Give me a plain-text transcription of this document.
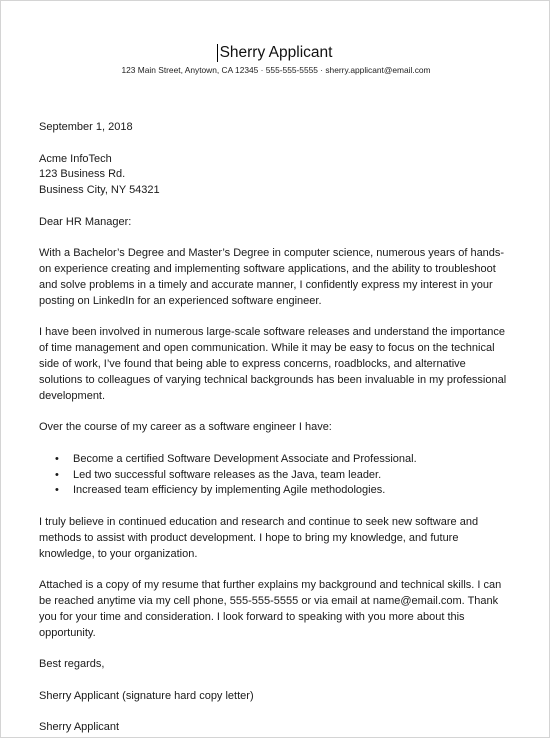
Sherry Applicant
123 Main Street, Anytown, CA 12345 · 555-555-5555 · sherry.applicant@email.com

September 1, 2018

Acme InfoTech

123 Business Rd.

Business City, NY 54321

Dear HR Manager:

With a Bachelor’s Degree and Master’s Degree in computer science, numerous years of hands-

on experience creating and implementing software applications, and the ability to troubleshoot

and solve problems in a timely and accurate manner, I confidently express my interest in your

posting on LinkedIn for an experienced software engineer.

I have been involved in numerous large-scale software releases and understand the importance

of time management and open communication. While it may be easy to focus on the technical

side of work, I’ve found that being able to express concerns, roadblocks, and alternative

solutions to colleagues of varying technical backgrounds has been invaluable in my professional

development.

Over the course of my career as a software engineer I have:

• Become a certified Software Development Associate and Professional.
• Led two successful software releases as the Java, team leader.
• Increased team efficiency by implementing Agile methodologies.

I truly believe in continued education and research and continue to seek new software and

methods to assist with product development. I hope to bring my knowledge, and future

knowledge, to your organization.

Attached is a copy of my resume that further explains my background and technical skills. I can

be reached anytime via my cell phone, 555-555-5555 or via email at name@email.com. Thank

you for your time and consideration. I look forward to speaking with you more about this

opportunity.

Best regards,

Sherry Applicant (signature hard copy letter)

Sherry Applicant
